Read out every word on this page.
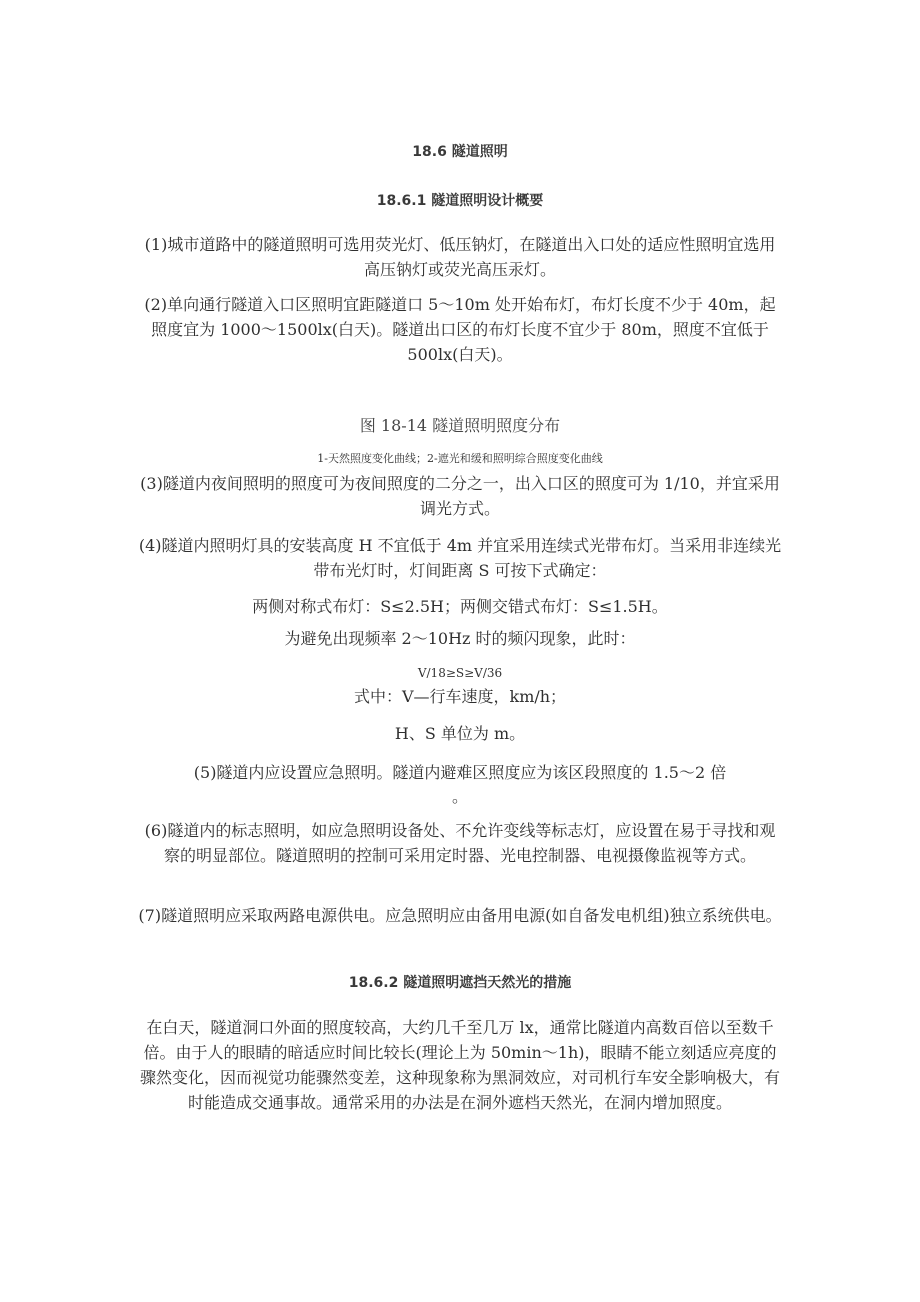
18.6 隧道照明

18.6.1 隧道照明设计概要

(1)城市道路中的隧道照明可选用荧光灯、低压钠灯，在隧道出入口处的适应性照明宜选用高压钠灯或荧光高压汞灯。

(2)单向通行隧道入口区照明宜距隧道口 5～10m 处开始布灯，布灯长度不少于 40m，起照度宜为 1000～1500lx(白天)。隧道出口区的布灯长度不宜少于 80m，照度不宜低于 500lx(白天)。

图 18-14 隧道照明照度分布

1-天然照度变化曲线；2-遮光和缓和照明综合照度变化曲线

(3)隧道内夜间照明的照度可为夜间照度的二分之一，出入口区的照度可为 1/10，并宜采用调光方式。

(4)隧道内照明灯具的安装高度 H 不宜低于 4m 并宜采用连续式光带布灯。当采用非连续光带布光灯时，灯间距离 S 可按下式确定：

两侧对称式布灯：S≤2.5H；两侧交错式布灯：S≤1.5H。

为避免出现频率 2～10Hz 时的频闪现象，此时：

V/18≥S≥V/36

式中：V—行车速度，km/h；

H、S 单位为 m。

(5)隧道内应设置应急照明。隧道内避难区照度应为该区段照度的 1.5～2 倍

。

(6)隧道内的标志照明，如应急照明设备处、不允许变线等标志灯，应设置在易于寻找和观察的明显部位。隧道照明的控制可采用定时器、光电控制器、电视摄像监视等方式。

(7)隧道照明应采取两路电源供电。应急照明应由备用电源(如自备发电机组)独立系统供电。

18.6.2 隧道照明遮挡天然光的措施

在白天，隧道洞口外面的照度较高，大约几千至几万 lx，通常比隧道内高数百倍以至数千倍。由于人的眼睛的暗适应时间比较长(理论上为 50min～1h)，眼睛不能立刻适应亮度的骤然变化，因而视觉功能骤然变差，这种现象称为黑洞效应，对司机行车安全影响极大，有时能造成交通事故。通常采用的办法是在洞外遮档天然光，在洞内增加照度。
